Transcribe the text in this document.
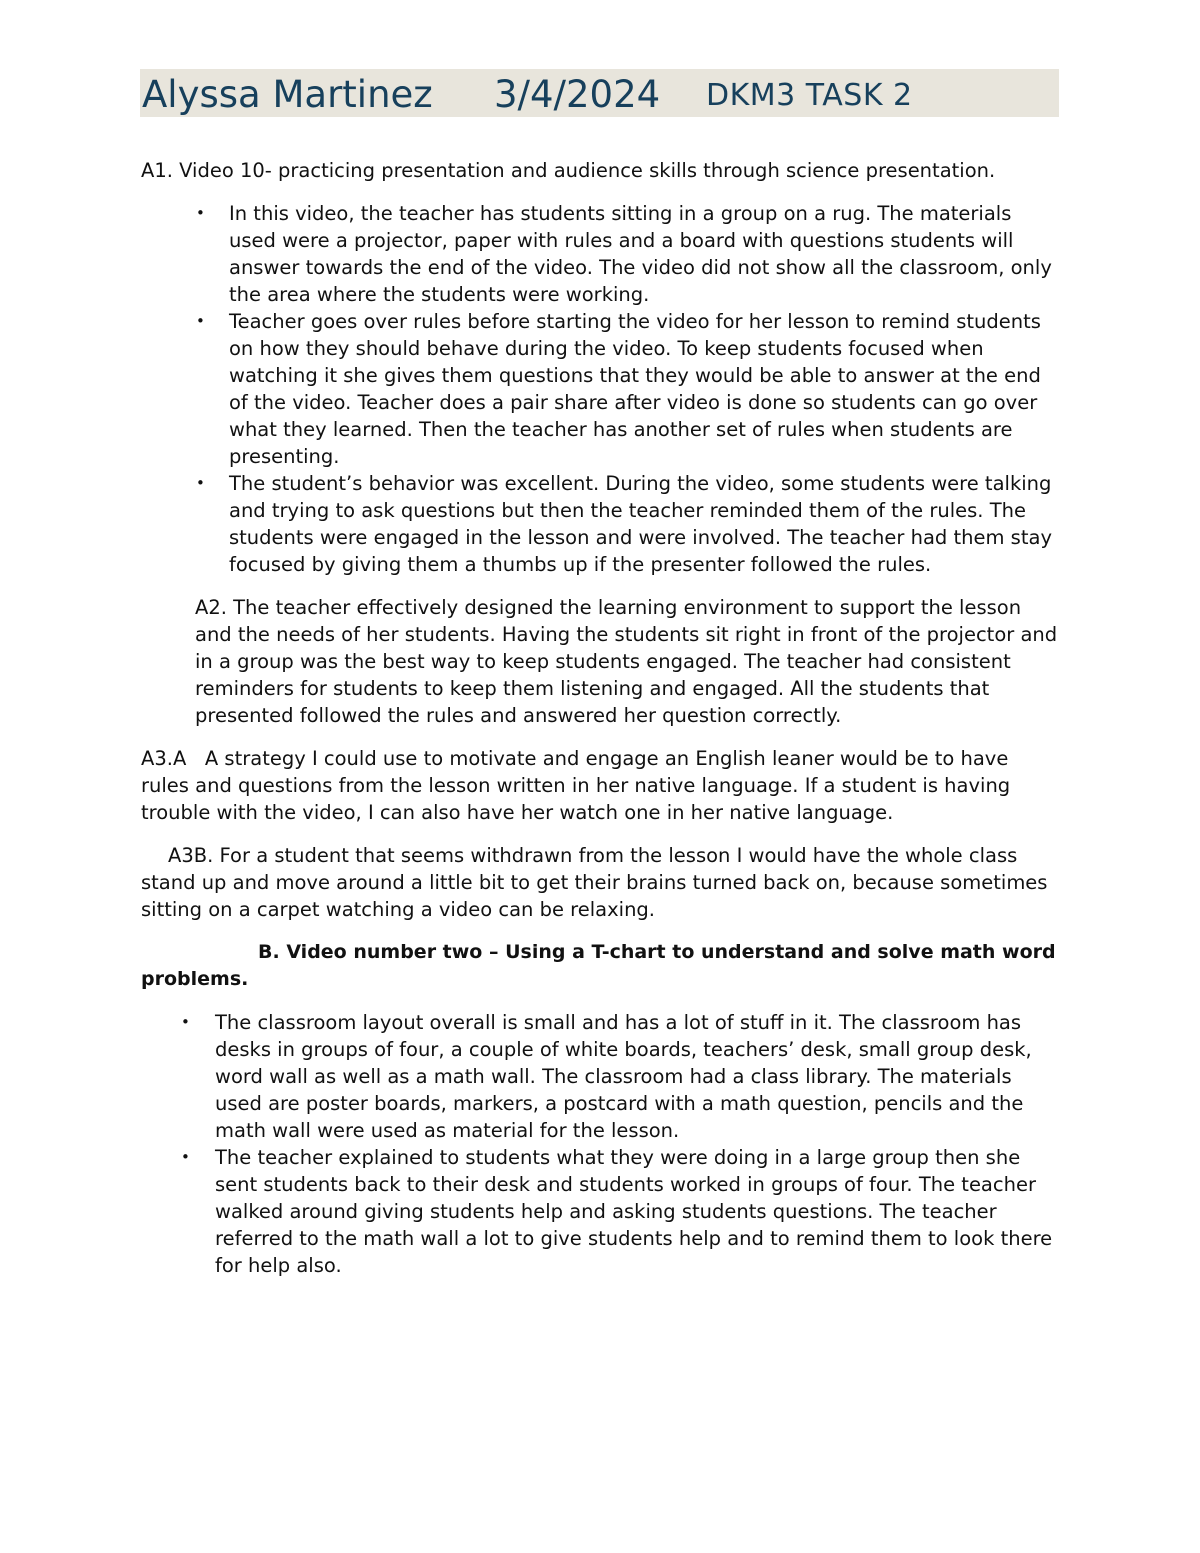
Alyssa Martinez 3/4/2024 DKM3 TASK 2

A1. Video 10- practicing presentation and audience skills through science presentation.

• In this video, the teacher has students sitting in a group on a rug. The materials used were a projector, paper with rules and a board with questions students will answer towards the end of the video. The video did not show all the classroom, only the area where the students were working.
• Teacher goes over rules before starting the video for her lesson to remind students on how they should behave during the video. To keep students focused when watching it she gives them questions that they would be able to answer at the end of the video. Teacher does a pair share after video is done so students can go over what they learned. Then the teacher has another set of rules when students are presenting.
• The student’s behavior was excellent. During the video, some students were talking and trying to ask questions but then the teacher reminded them of the rules. The students were engaged in the lesson and were involved. The teacher had them stay focused by giving them a thumbs up if the presenter followed the rules.

A2. The teacher effectively designed the learning environment to support the lesson and the needs of her students. Having the students sit right in front of the projector and in a group was the best way to keep students engaged. The teacher had consistent reminders for students to keep them listening and engaged. All the students that presented followed the rules and answered her question correctly.

A3.A   A strategy I could use to motivate and engage an English leaner would be to have rules and questions from the lesson written in her native language. If a student is having trouble with the video, I can also have her watch one in her native language.

A3B. For a student that seems withdrawn from the lesson I would have the whole class stand up and move around a little bit to get their brains turned back on, because sometimes sitting on a carpet watching a video can be relaxing.

B. Video number two – Using a T-chart to understand and solve math word problems.

• The classroom layout overall is small and has a lot of stuff in it. The classroom has desks in groups of four, a couple of white boards, teachers’ desk, small group desk, word wall as well as a math wall. The classroom had a class library. The materials used are poster boards, markers, a postcard with a math question, pencils and the math wall were used as material for the lesson.
• The teacher explained to students what they were doing in a large group then she sent students back to their desk and students worked in groups of four. The teacher walked around giving students help and asking students questions. The teacher referred to the math wall a lot to give students help and to remind them to look there for help also.
